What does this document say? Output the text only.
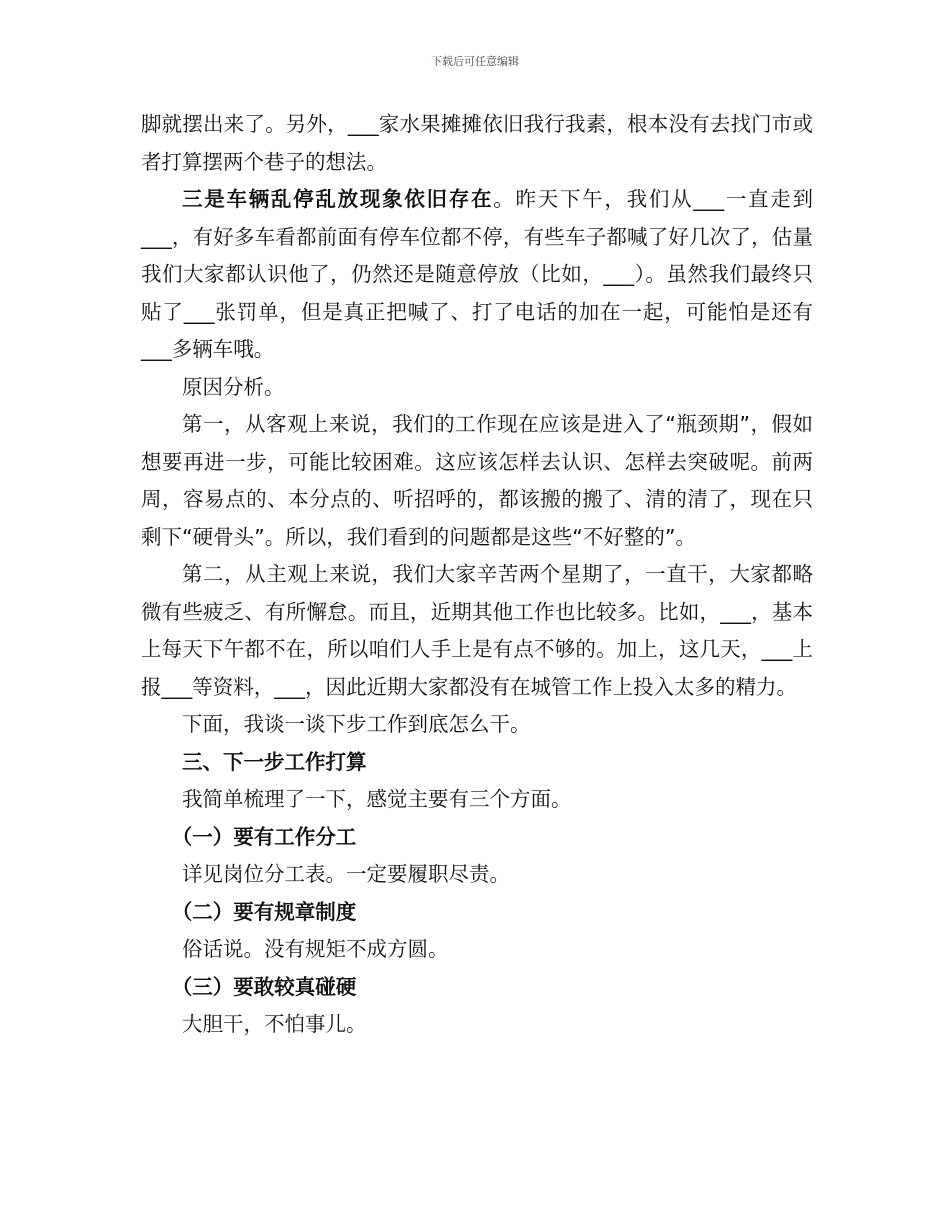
下载后可任意编辑

脚就摆出来了。另外，___家水果摊摊依旧我行我素，根本没有去找门市或者打算摆两个巷子的想法。

三是车辆乱停乱放现象依旧存在。昨天下午，我们从___一直走到___，有好多车看都前面有停车位都不停，有些车子都喊了好几次了，估量我们大家都认识他了，仍然还是随意停放（比如，___）。虽然我们最终只贴了___张罚单，但是真正把喊了、打了电话的加在一起，可能怕是还有___多辆车哦。

原因分析。

第一，从客观上来说，我们的工作现在应该是进入了“瓶颈期”，假如想要再进一步，可能比较困难。这应该怎样去认识、怎样去突破呢。前两周，容易点的、本分点的、听招呼的，都该搬的搬了、清的清了，现在只剩下“硬骨头”。所以，我们看到的问题都是这些“不好整的”。

第二，从主观上来说，我们大家辛苦两个星期了，一直干，大家都略微有些疲乏、有所懈怠。而且，近期其他工作也比较多。比如，___，基本上每天下午都不在，所以咱们人手上是有点不够的。加上，这几天，___上报___等资料，___，因此近期大家都没有在城管工作上投入太多的精力。

下面，我谈一谈下步工作到底怎么干。

三、下一步工作打算

我简单梳理了一下，感觉主要有三个方面。

（一）要有工作分工

详见岗位分工表。一定要履职尽责。

（二）要有规章制度

俗话说。没有规矩不成方圆。

（三）要敢较真碰硬

大胆干，不怕事儿。
